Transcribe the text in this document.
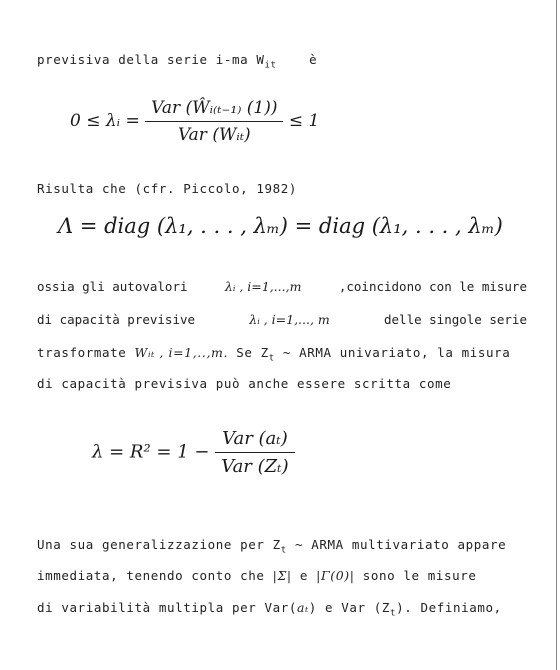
previsiva della serie i-ma $W_{it}$	è
0 ≤ λᵢ = $\frac{\text{Var (Ŵᵢ₍ₜ₋₁₎ (1))}}{\text{Var (Wᵢₜ)}} \le 1$
Risulta che (cfr. Piccolo, 1982)
Λ = diag (λ₁, . . . , λₘ) = diag (λ₁, . . . , λₘ)
ossia gli autovalori	λᵢ , i=1,...,m	,coincidono con le misure
di capacità previsive	λᵢ , i=1,..., m	delle singole serie
trasformate Wᵢₜ , i=1,..,m. Se $Z_t$ ~ ARMA univariato, la misura
di capacità previsiva può anche essere scritta come
$\lambda = R^2 = 1 - \frac{\text{Var (aₜ)}}{\text{Var (Zₜ)}}$
Una sua generalizzazione per $Z_t$ ~ ARMA multivariato appare
immediata, tenendo conto che |Σ| e |Γ(0)| sono le misure
di variabilità multipla per Var(aₜ) e Var $(Z_t)$. Definiamo,
